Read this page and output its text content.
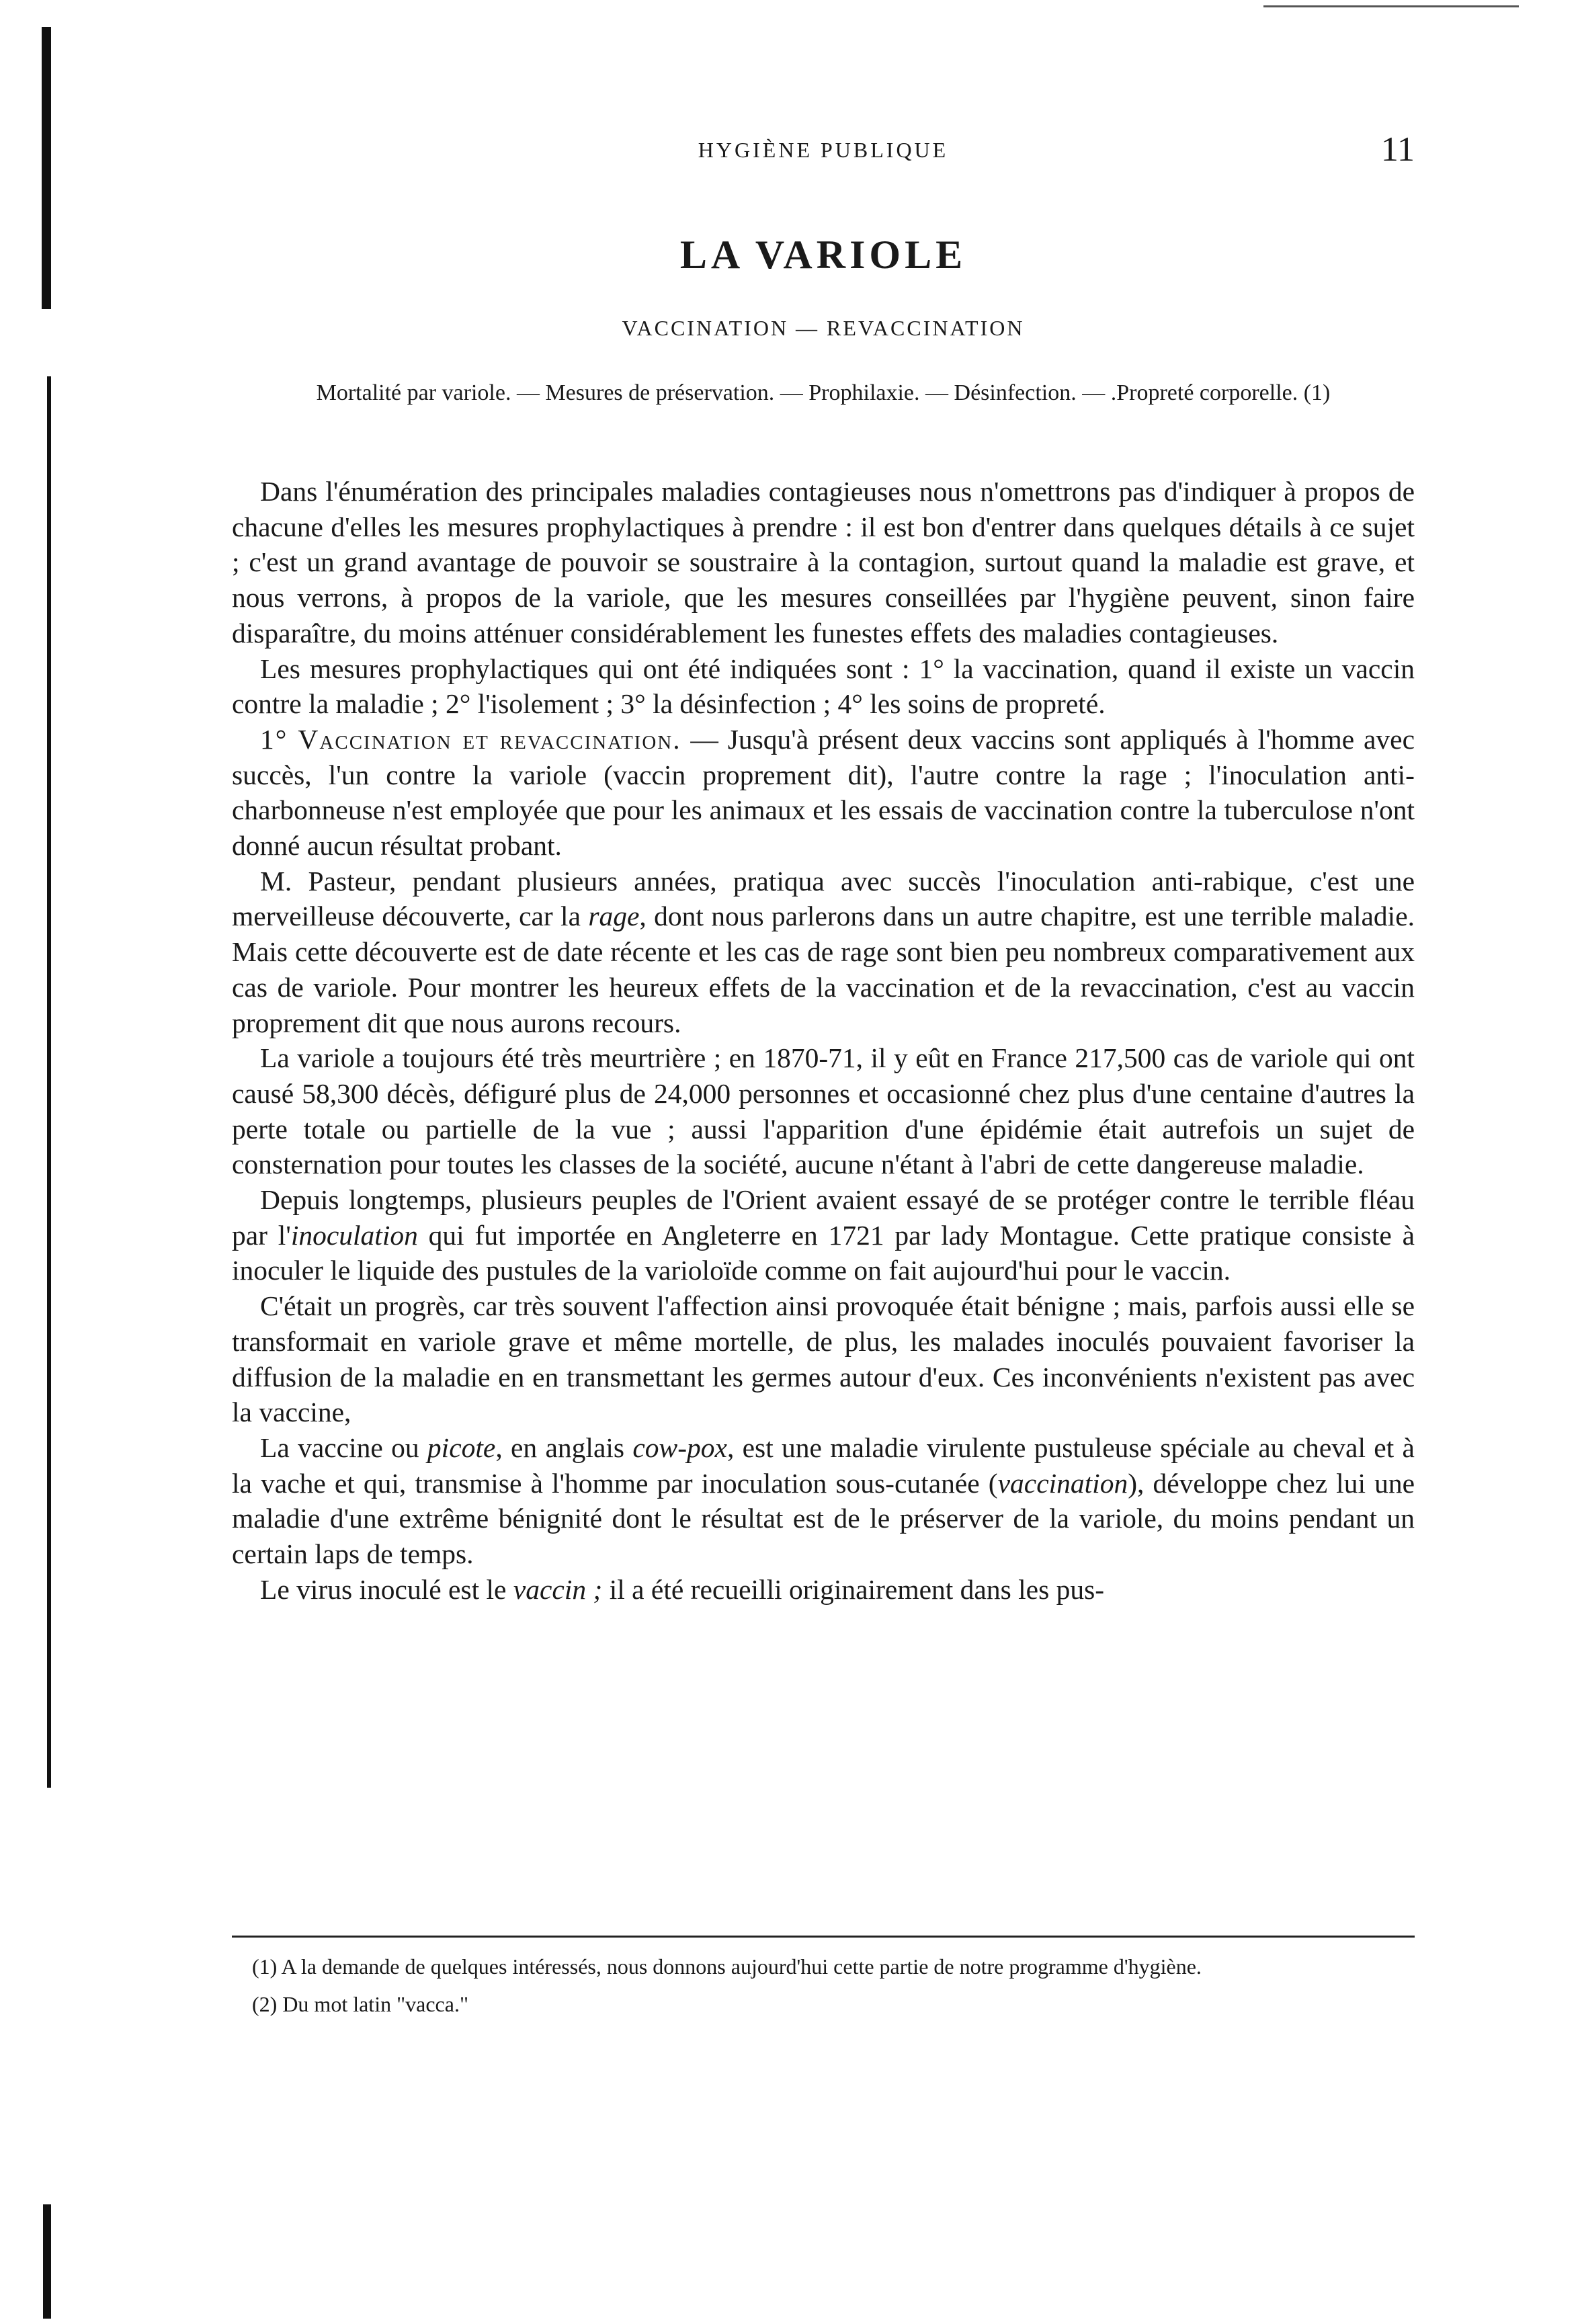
HYGIÈNE PUBLIQUE	11
LA VARIOLE
VACCINATION — REVACCINATION
Mortalité par variole. — Mesures de préservation. — Prophilaxie. — Désinfection. — .Propreté corporelle. (1)

Dans l'énumération des principales maladies contagieuses nous n'omettrons pas d'indiquer à propos de chacune d'elles les mesures prophylactiques à prendre : il est bon d'entrer dans quelques détails à ce sujet ; c'est un grand avantage de pouvoir se soustraire à la contagion, surtout quand la maladie est grave, et nous verrons, à propos de la variole, que les mesures conseillées par l'hygiène peuvent, sinon faire disparaître, du moins atténuer considérablement les funestes effets des maladies contagieuses.

Les mesures prophylactiques qui ont été indiquées sont : 1° la vaccination, quand il existe un vaccin contre la maladie ; 2° l'isolement ; 3° la désinfection ; 4° les soins de propreté.

1° Vaccination et revaccination. — Jusqu'à présent deux vaccins sont appliqués à l'homme avec succès, l'un contre la variole (vaccin proprement dit), l'autre contre la rage ; l'inoculation anti-charbonneuse n'est employée que pour les animaux et les essais de vaccination contre la tuberculose n'ont donné aucun résultat probant.

M. Pasteur, pendant plusieurs années, pratiqua avec succès l'inoculation anti-rabique, c'est une merveilleuse découverte, car la rage, dont nous parlerons dans un autre chapitre, est une terrible maladie. Mais cette découverte est de date récente et les cas de rage sont bien peu nombreux comparativement aux cas de variole. Pour montrer les heureux effets de la vaccination et de la revaccination, c'est au vaccin proprement dit que nous aurons recours.

La variole a toujours été très meurtrière ; en 1870-71, il y eût en France 217,500 cas de variole qui ont causé 58,300 décès, défiguré plus de 24,000 personnes et occasionné chez plus d'une centaine d'autres la perte totale ou partielle de la vue ; aussi l'apparition d'une épidémie était autrefois un sujet de consternation pour toutes les classes de la société, aucune n'étant à l'abri de cette dangereuse maladie.

Depuis longtemps, plusieurs peuples de l'Orient avaient essayé de se protéger contre le terrible fléau par l'inoculation qui fut importée en Angleterre en 1721 par lady Montague. Cette pratique consiste à inoculer le liquide des pustules de la varioloïde comme on fait aujourd'hui pour le vaccin.

C'était un progrès, car très souvent l'affection ainsi provoquée était bénigne ; mais, parfois aussi elle se transformait en variole grave et même mortelle, de plus, les malades inoculés pouvaient favoriser la diffusion de la maladie en en transmettant les germes autour d'eux. Ces inconvénients n'existent pas avec la vaccine,

La vaccine ou picote, en anglais cow-pox, est une maladie virulente pustuleuse spéciale au cheval et à la vache et qui, transmise à l'homme par inoculation sous-cutanée (vaccination), développe chez lui une maladie d'une extrême bénignité dont le résultat est de le préserver de la variole, du moins pendant un certain laps de temps.

Le virus inoculé est le vaccin ; il a été recueilli originairement dans les pus-

(1) A la demande de quelques intéressés, nous donnons aujourd'hui cette partie de notre programme d'hygiène.

(2) Du mot latin "vacca."
